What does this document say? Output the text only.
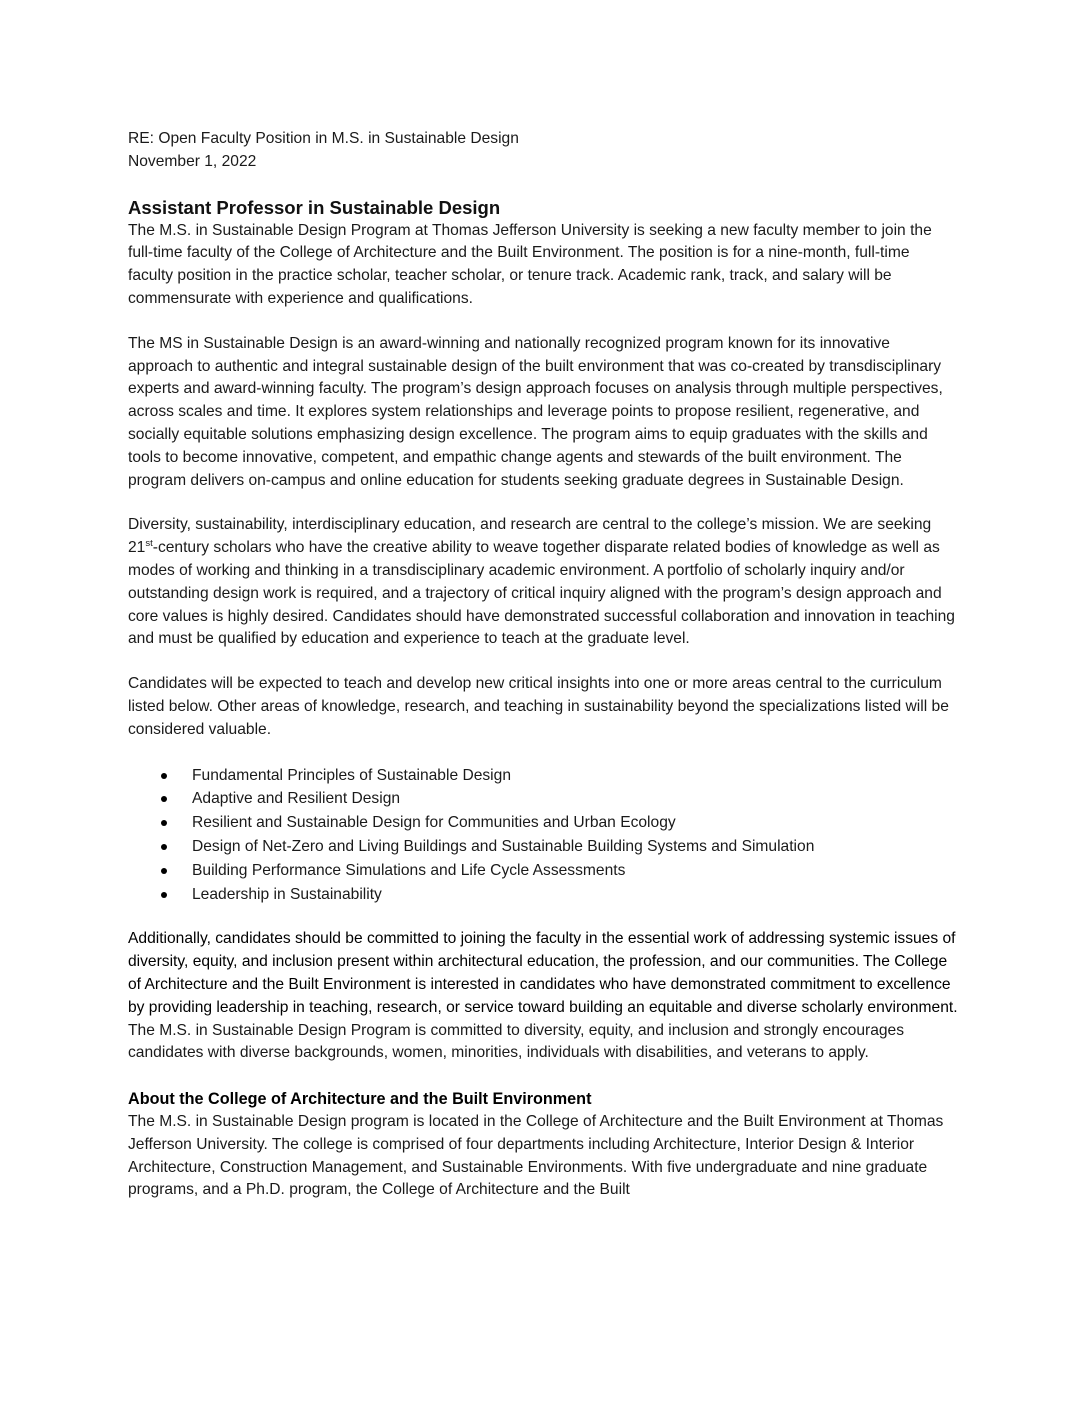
RE: Open Faculty Position in M.S. in Sustainable Design

November 1, 2022

Assistant Professor in Sustainable Design

The M.S. in Sustainable Design Program at Thomas Jefferson University is seeking a new faculty member to join the full-time faculty of the College of Architecture and the Built Environment. The position is for a nine-month, full-time faculty position in the practice scholar, teacher scholar, or tenure track. Academic rank, track, and salary will be commensurate with experience and qualifications.

The MS in Sustainable Design is an award-winning and nationally recognized program known for its innovative approach to authentic and integral sustainable design of the built environment that was co-created by transdisciplinary experts and award-winning faculty. The program’s design approach focuses on analysis through multiple perspectives, across scales and time. It explores system relationships and leverage points to propose resilient, regenerative, and socially equitable solutions emphasizing design excellence. The program aims to equip graduates with the skills and tools to become innovative, competent, and empathic change agents and stewards of the built environment. The program delivers on-campus and online education for students seeking graduate degrees in Sustainable Design.

Diversity, sustainability, interdisciplinary education, and research are central to the college’s mission. We are seeking 21st-century scholars who have the creative ability to weave together disparate related bodies of knowledge as well as modes of working and thinking in a transdisciplinary academic environment. A portfolio of scholarly inquiry and/or outstanding design work is required, and a trajectory of critical inquiry aligned with the program’s design approach and core values is highly desired. Candidates should have demonstrated successful collaboration and innovation in teaching and must be qualified by education and experience to teach at the graduate level.

Candidates will be expected to teach and develop new critical insights into one or more areas central to the curriculum listed below. Other areas of knowledge, research, and teaching in sustainability beyond the specializations listed will be considered valuable.

Fundamental Principles of Sustainable Design
Adaptive and Resilient Design
Resilient and Sustainable Design for Communities and Urban Ecology
Design of Net-Zero and Living Buildings and Sustainable Building Systems and Simulation
Building Performance Simulations and Life Cycle Assessments
Leadership in Sustainability

Additionally, candidates should be committed to joining the faculty in the essential work of addressing systemic issues of diversity, equity, and inclusion present within architectural education, the profession, and our communities. The College of Architecture and the Built Environment is interested in candidates who have demonstrated commitment to excellence by providing leadership in teaching, research, or service toward building an equitable and diverse scholarly environment. The M.S. in Sustainable Design Program is committed to diversity, equity, and inclusion and strongly encourages candidates with diverse backgrounds, women, minorities, individuals with disabilities, and veterans to apply.

About the College of Architecture and the Built Environment

The M.S. in Sustainable Design program is located in the College of Architecture and the Built Environment at Thomas Jefferson University. The college is comprised of four departments including Architecture, Interior Design & Interior Architecture, Construction Management, and Sustainable Environments. With five undergraduate and nine graduate programs, and a Ph.D. program, the College of Architecture and the Built
